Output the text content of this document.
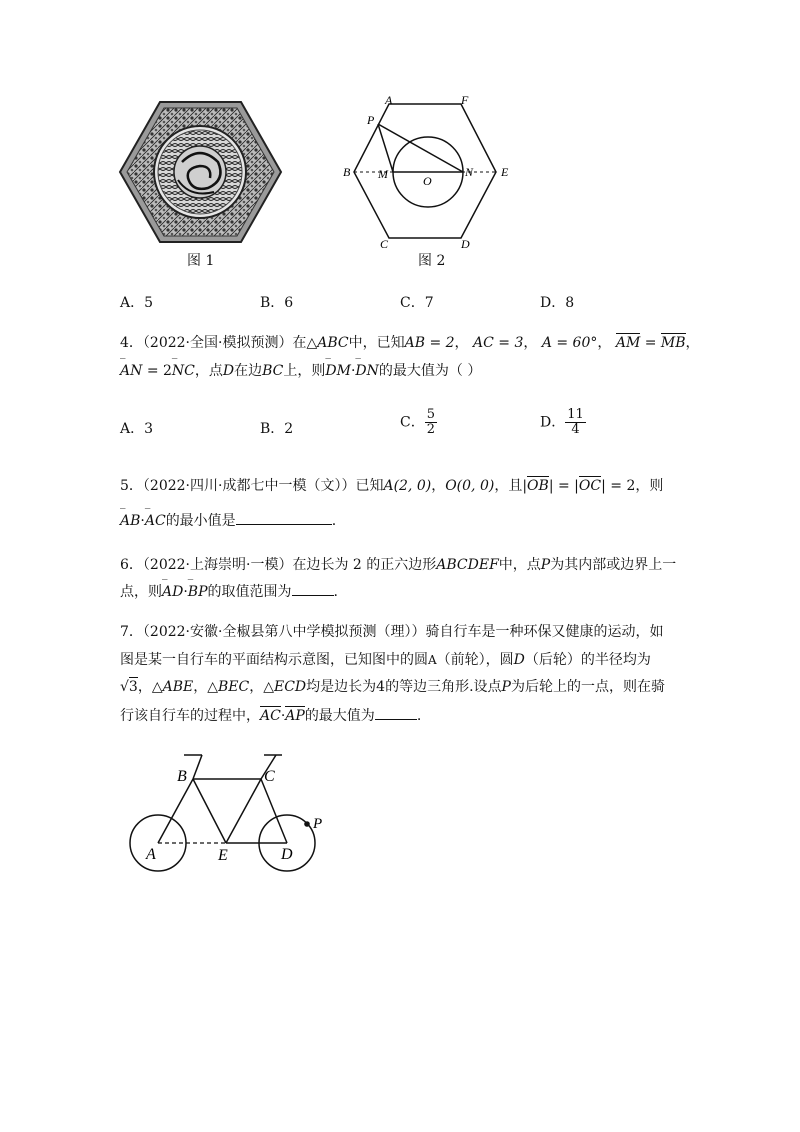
图 1
A	F
P
B M	O
N E
C	D
图 2
A．5	B．6	C．7	D．8
4．（2022·全国·模拟预测）在△ABC中，已知AB = 2， AC = 3， A = 60°， AM = MB，
‾ AN = 2‾ NC，点D在边BC上，则‾ DM·‾ DN的最大值为（ ）
A．3	B．2	C． $\frac{5}{2}$	D． $\frac{11}{4}$
5．（2022·四川·成都七中一模（文））已知A(2, 0)，O(0, 0)，且|OB| = |OC| = 2，则
‾ AB·‾ AC的最小值是	.
6．（2022·上海崇明·一模）在边长为 2 的正六边形ABCDEF中，点P为其内部或边界上一
点，则‾ AD·‾ BP的取值范围为	.
7．（2022·安徽·全椒县第八中学模拟预测（理））骑自行车是一种环保又健康的运动，如
图是某一自行车的平面结构示意图，已知图中的圆A（前轮），圆D（后轮）的半径均为
√3，△ABE，△BEC，△ECD均是边长为4的等边三角形.设点P为后轮上的一点，则在骑
行该自行车的过程中，AC·AP的最大值为	.
B	C
P
A	E	D
